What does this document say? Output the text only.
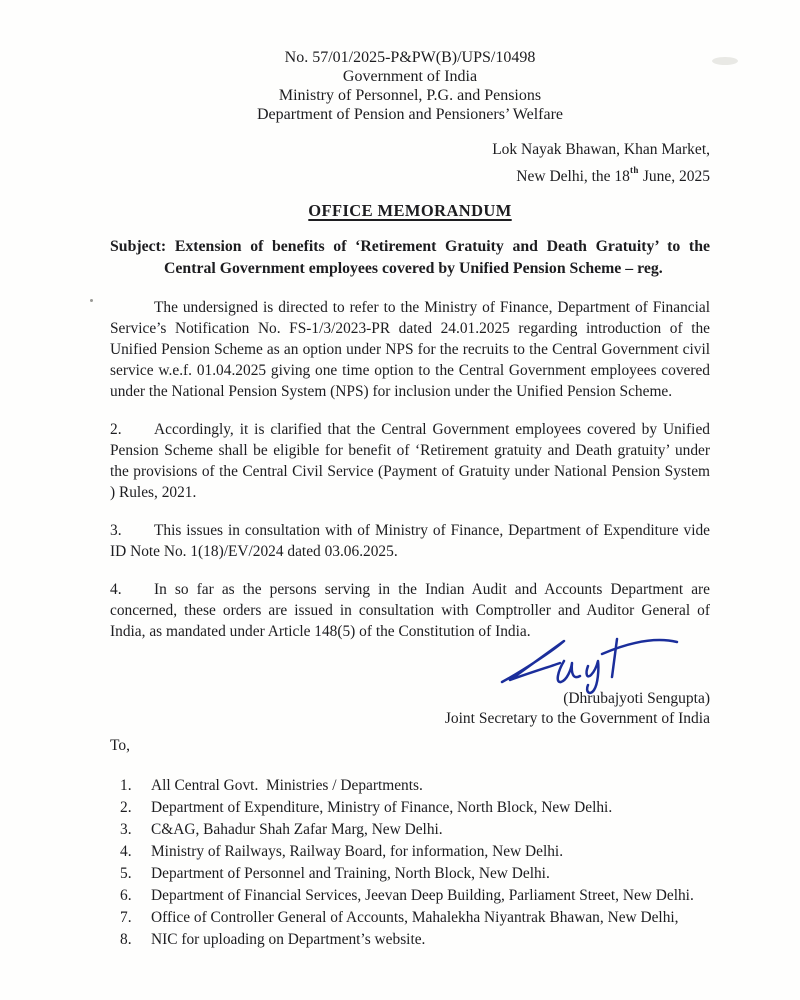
No. 57/01/2025-P&PW(B)/UPS/10498
Government of India
Ministry of Personnel, P.G. and Pensions
Department of Pension and Pensioners’ Welfare
Lok Nayak Bhawan, Khan Market,
New Delhi, the 18th June, 2025
OFFICE MEMORANDUM
Subject: Extension of benefits of ‘Retirement Gratuity and Death Gratuity’ to the Central Government employees covered by Unified Pension Scheme – reg.

The undersigned is directed to refer to the Ministry of Finance, Department of Financial Service’s Notification No. FS-1/3/2023-PR dated 24.01.2025 regarding introduction of the Unified Pension Scheme as an option under NPS for the recruits to the Central Government civil service w.e.f. 01.04.2025 giving one time option to the Central Government employees covered under the National Pension System (NPS) for inclusion under the Unified Pension Scheme.

2. Accordingly, it is clarified that the Central Government employees covered by Unified Pension Scheme shall be eligible for benefit of ‘Retirement gratuity and Death gratuity’ under the provisions of the Central Civil Service (Payment of Gratuity under National Pension System ) Rules, 2021.

3. This issues in consultation with of Ministry of Finance, Department of Expenditure vide ID Note No. 1(18)/EV/2024 dated 03.06.2025.

4. In so far as the persons serving in the Indian Audit and Accounts Department are concerned, these orders are issued in consultation with Comptroller and Auditor General of India, as mandated under Article 148(5) of the Constitution of India.

(Dhrubajyoti Sengupta)
Joint Secretary to the Government of India
To,
1.	All Central Govt.  Ministries / Departments.
2.	Department of Expenditure, Ministry of Finance, North Block, New Delhi.
3.	C&AG, Bahadur Shah Zafar Marg, New Delhi.
4.	Ministry of Railways, Railway Board, for information, New Delhi.
5.	Department of Personnel and Training, North Block, New Delhi.
6.	Department of Financial Services, Jeevan Deep Building, Parliament Street, New Delhi.
7.	Office of Controller General of Accounts, Mahalekha Niyantrak Bhawan, New Delhi,
8.	NIC for uploading on Department’s website.
